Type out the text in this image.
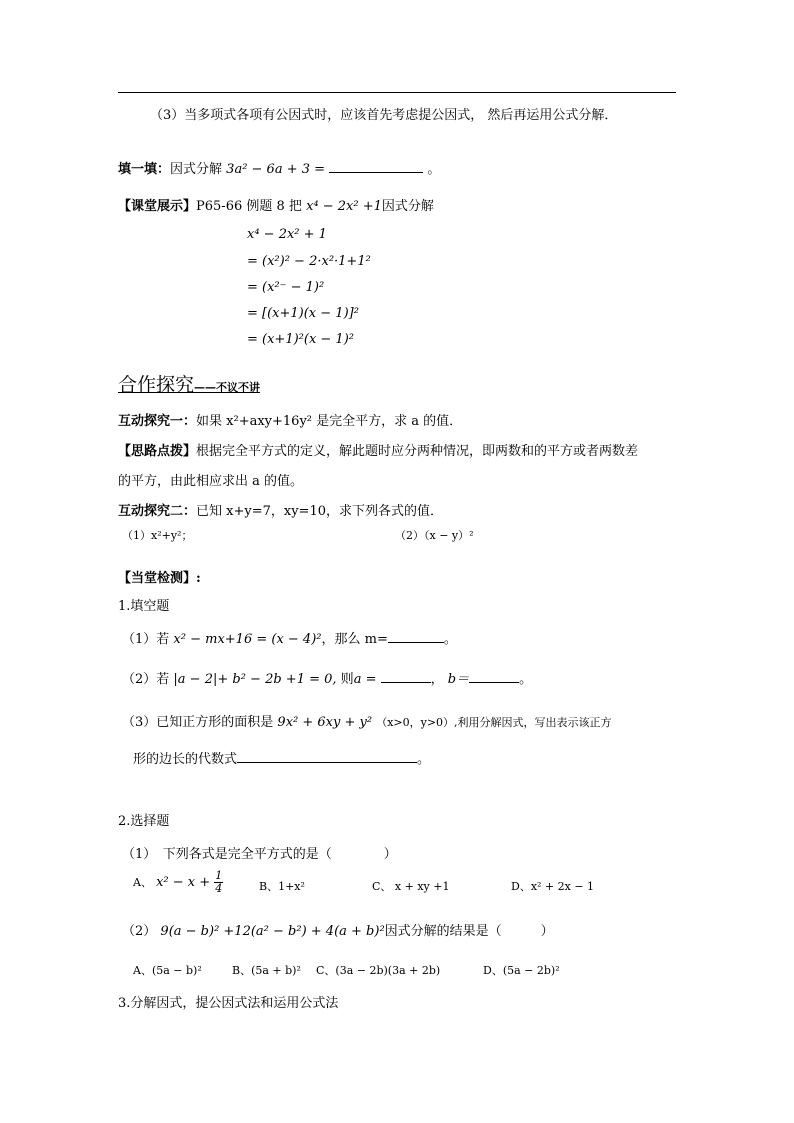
（3）当多项式各项有公因式时，应该首先考虑提公因式， 然后再运用公式分解．
填一填：因式分解 3a² − 6a + 3 =	。
【课堂展示】P65-66 例题 8 把 x⁴ − 2x² +1因式分解
x⁴ − 2x² + 1
= (x²)² − 2·x²·1+1²
= (x²⁻ − 1)²
= [(x+1)(x − 1)]²
= (x+1)²(x − 1)²
合作探究——不议不讲
互动探究一：如果 x²+axy+16y² 是完全平方，求 a 的值．
【思路点拨】根据完全平方式的定义，解此题时应分两种情况，即两数和的平方或者两数差
的平方，由此相应求出 a 的值。
互动探究二：已知 x+y=7，xy=10，求下列各式的值．
（1）x²+y²；	（2）（x − y）²
【当堂检测】:
1.填空题
（1）若 x² − mx+16 = (x − 4)²，那么 m=	。
（2）若 |a − 2|+ b² − 2b +1 = 0, 则a =	， b＝	。
（3）已知正方形的面积是 9x² + 6xy + y² （x>0，y>0）,利用分解因式，写出表示该正方
形的边长的代数式	。
2.选择题
（1）　下列各式是完全平方式的是（　　　　）
A、 $x^2 - x + \frac{1}{4}$	B、1+x²	C、 x + xy +1	D、x² + 2x − 1
（2） 9(a − b)² +12(a² − b²) + 4(a + b)²因式分解的结果是（　　　）
A、(5a − b)²	B、(5a + b)² C、(3a − 2b)(3a + 2b)	D、(5a − 2b)²
3.分解因式，提公因式法和运用公式法
